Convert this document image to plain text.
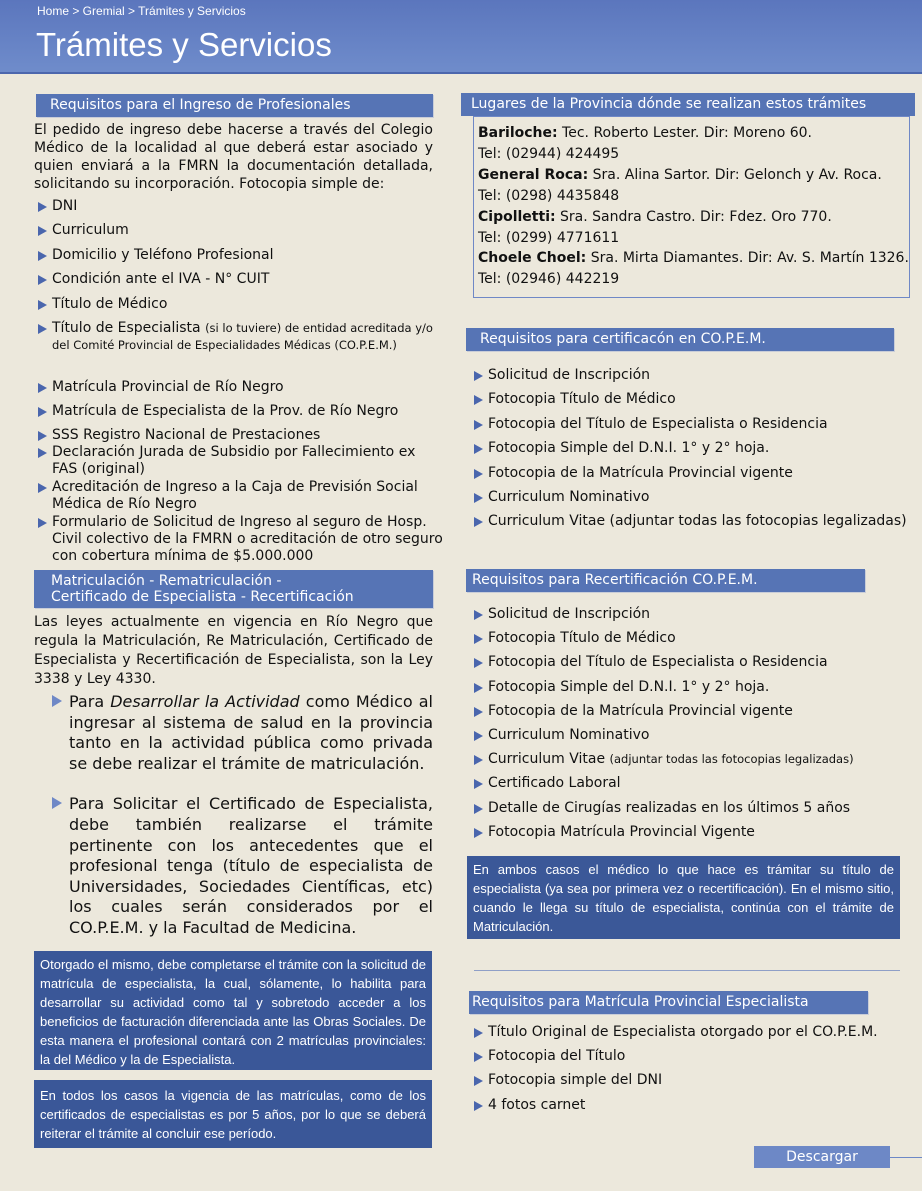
Home > Gremial > Trámites y Servicios
Trámites y Servicios
Requisitos para el Ingreso de Profesionales
El pedido de ingreso debe hacerse a través del Colegio Médico de la localidad al que deberá estar asociado y quien enviará a la FMRN la documentación detallada, solicitando su incorporación. Fotocopia simple de:
DNI
Curriculum
Domicilio y Teléfono Profesional
Condición ante el IVA - N° CUIT
Título de Médico
Título de Especialista (si lo tuviere) de entidad acreditada y/o del Comité Provincial de Especialidades Médicas (CO.P.E.M.)
Matrícula Provincial de Río Negro
Matrícula de Especialista de la Prov. de Río Negro
SSS Registro Nacional de Prestaciones
Declaración Jurada de Subsidio por Fallecimiento ex FAS (original)
Acreditación de Ingreso a la Caja de Previsión Social Médica de Río Negro
Formulario de Solicitud de Ingreso al seguro de Hosp. Civil colectivo de la FMRN o acreditación de otro seguro con cobertura mínima de $5.000.000
Matriculación - Rematriculación -
Certificado de Especialista - Recertificación
Las leyes actualmente en vigencia en Río Negro que regula la Matriculación, Re Matriculación, Certificado de Especialista y Recertificación de Especialista, son la Ley 3338 y Ley 4330.
Para Desarrollar la Actividad como Médico al ingresar al sistema de salud en la provincia tanto en la actividad pública como privada se debe realizar el trámite de matriculación.
Para Solicitar el Certificado de Especialista, debe también realizarse el trámite pertinente con los antecedentes que el profesional tenga (título de especialista de Universidades, Sociedades Científicas, etc) los cuales serán considerados por el CO.P.E.M. y la Facultad de Medicina.
Otorgado el mismo, debe completarse el trámite con la solicitud de matrícula de especialista, la cual, sólamente, lo habilita para desarrollar su actividad como tal y sobretodo acceder a los beneficios de facturación diferenciada ante las Obras Sociales. De esta manera el profesional contará con 2 matrículas provinciales: la del Médico y la de Especialista.
En todos los casos la vigencia de las matrículas, como de los certificados de especialistas es por 5 años, por lo que se deberá reiterar el trámite al concluir ese período.
Lugares de la Provincia dónde se realizan estos trámites
Bariloche: Tec. Roberto Lester. Dir: Moreno 60.
Tel: (02944) 424495
General Roca: Sra. Alina Sartor. Dir: Gelonch y Av. Roca.
Tel: (0298) 4435848
Cipolletti: Sra. Sandra Castro. Dir: Fdez. Oro 770.
Tel: (0299) 4771611
Choele Choel: Sra. Mirta Diamantes. Dir: Av. S. Martín 1326.
Tel: (02946) 442219
Requisitos para certificacón en CO.P.E.M.
Solicitud de Inscripción
Fotocopia Título de Médico
Fotocopia del Título de Especialista o Residencia
Fotocopia Simple del D.N.I. 1° y 2° hoja.
Fotocopia de la Matrícula Provincial vigente
Curriculum Nominativo
Curriculum Vitae (adjuntar todas las fotocopias legalizadas)
Requisitos para Recertificación CO.P.E.M.
Solicitud de Inscripción
Fotocopia Título de Médico
Fotocopia del Título de Especialista o Residencia
Fotocopia Simple del D.N.I. 1° y 2° hoja.
Fotocopia de la Matrícula Provincial vigente
Curriculum Nominativo
Curriculum Vitae (adjuntar todas las fotocopias legalizadas)
Certificado Laboral
Detalle de Cirugías realizadas en los últimos 5 años
Fotocopia Matrícula Provincial Vigente
En ambos casos el médico lo que hace es trámitar su título de especialista (ya sea por primera vez o recertificación). En el mismo sitio, cuando le llega su título de especialista, continúa con el trámite de Matriculación.
Requisitos para Matrícula Provincial Especialista
Título Original de Especialista otorgado por el CO.P.E.M.
Fotocopia del Título
Fotocopia simple del DNI
4 fotos carnet
Descargar
